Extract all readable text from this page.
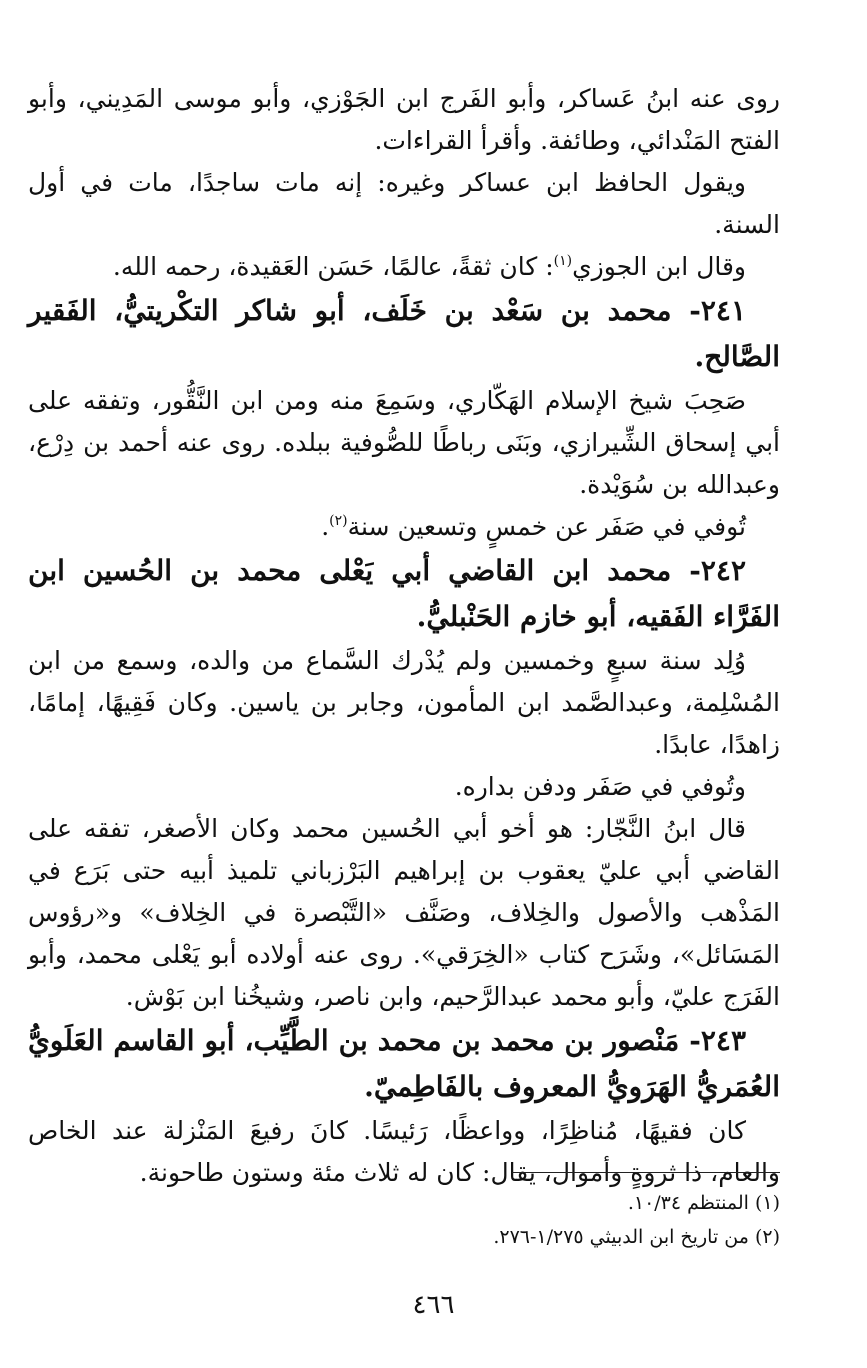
روى عنه ابنُ عَساكر، وأبو الفَرج ابن الجَوْزي، وأبو موسى المَدِيني، وأبو الفتح المَنْدائي، وطائفة. وأقرأ القراءات.

ويقول الحافظ ابن عساكر وغيره: إنه مات ساجدًا، مات في أول السنة.

وقال ابن الجوزي$^{(١)}$: كان ثقةً، عالمًا، حَسَن العَقيدة، رحمه الله.

٢٤١- محمد بن سَعْد بن خَلَف، أبو شاكر التكْريتيُّ، الفَقير الصَّالح.

صَحِبَ شيخ الإسلام الهَكّاري، وسَمِعَ منه ومن ابن النَّقُّور، وتفقه على أبي إسحاق الشِّيرازي، وبَنَى رباطًا للصُّوفية ببلده. روى عنه أحمد بن دِرْع، وعبدالله بن سُوَيْدة.

تُوفي في صَفَر عن خمسٍ وتسعين سنة$^{(٢)}$.

٢٤٢- محمد ابن القاضي أبي يَعْلى محمد بن الحُسين ابن الفَرَّاء الفَقيه، أبو خازم الحَنْبليُّ.

وُلِد سنة سبعٍ وخمسين ولم يُدْرك السَّماع من والده، وسمع من ابن المُسْلِمة، وعبدالصَّمد ابن المأمون، وجابر بن ياسين. وكان فَقِيهًا، إمامًا، زاهدًا، عابدًا.

وتُوفي في صَفَر ودفن بداره.

قال ابنُ النَّجّار: هو أخو أبي الحُسين محمد وكان الأصغر، تفقه على القاضي أبي عليّ يعقوب بن إبراهيم البَرْزباني تلميذ أبيه حتى بَرَع في المَذْهب والأصول والخِلاف، وصَنَّف «التَّبْصرة في الخِلاف» و«رؤوس المَسَائل»، وشَرَح كتاب «الخِرَقي». روى عنه أولاده أبو يَعْلى محمد، وأبو الفَرَج عليّ، وأبو محمد عبدالرَّحيم، وابن ناصر، وشيخُنا ابن بَوْش.

٢٤٣- مَنْصور بن محمد بن محمد بن الطَّيِّب، أبو القاسم العَلَويُّ العُمَريُّ الهَرَويُّ المعروف بالفَاطِميّ.

كان فقيهًا، مُناظِرًا، وواعظًا، رَئيسًا. كانَ رفيعَ المَنْزلة عند الخاص والعام، ذا ثروةٍ وأموال، يقال: كان له ثلاث مئة وستون طاحونة.

(١) المنتظم ١٠/٣٤.
(٢) من تاريخ ابن الدبيثي ١/٢٧٥-٢٧٦.
٤٦٦
